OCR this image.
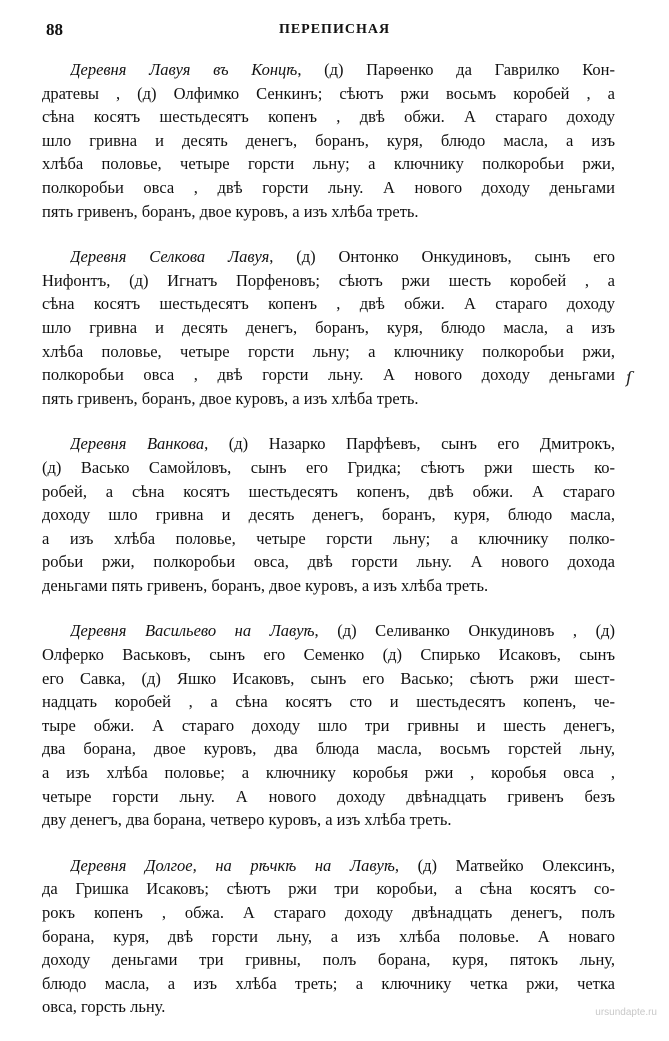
88	ПЕРЕПИСНАЯ
Деревня Лавуя въ Концѣ, (д) Парѳенко да Гаврилко Кон-
дратевы , (д) Олфимко Сенкинъ; сѣютъ ржи восьмъ коробей , а
сѣна косятъ шестьдесятъ копенъ , двѣ обжи. А стараго доходу
шло гривна и десять денегъ, боранъ, куря, блюдо масла, а изъ
хлѣба половье, четыре горсти льну; а ключнику полкоробьи ржи,
полкоробьи овса , двѣ горсти льну. А нового доходу деньгами
пять гривенъ, боранъ, двое куровъ, а изъ хлѣба треть.
Деревня Селкова Лавуя, (д) Онтонко Онкудиновъ, сынъ его
Нифонтъ, (д) Игнатъ Порфеновъ; сѣютъ ржи шесть коробей , а
сѣна косятъ шестьдесятъ копенъ , двѣ обжи. А стараго доходу
шло гривна и десять денегъ, боранъ, куря, блюдо масла, а изъ
хлѣба половье, четыре горсти льну; а ключнику полкоробьи ржи,
полкоробьи овса , двѣ горсти льну. А нового доходу деньгами
пять гривенъ, боранъ, двое куровъ, а изъ хлѣба треть.
Деревня Ванкова, (д) Назарко Парфѣевъ, сынъ его Дмитрокъ,
(д) Васько Самойловъ, сынъ его Гридка; сѣютъ ржи шесть ко-
робей, а сѣна косятъ шестьдесятъ копенъ, двѣ обжи. А стараго
доходу шло гривна и десять денегъ, боранъ, куря, блюдо масла,
а изъ хлѣба половье, четыре горсти льну; а ключнику полко-
робьи ржи, полкоробьи овса, двѣ горсти льну. А нового дохода
деньгами пять гривенъ, боранъ, двое куровъ, а изъ хлѣба треть.
Деревня Васильево на Лавуѣ, (д) Селиванко Онкудиновъ , (д)
Олферко Васьковъ, сынъ его Семенко (д) Спирько Исаковъ, сынъ
его Савка, (д) Яшко Исаковъ, сынъ его Васько; сѣютъ ржи шест-
надцать коробей , а сѣна косятъ сто и шестьдесятъ копенъ, че-
тыре обжи. А стараго доходу шло три гривны и шесть денегъ,
два борана, двое куровъ, два блюда масла, восьмъ горстей льну,
а изъ хлѣба половье; а ключнику коробья ржи , коробья овса ,
четыре горсти льну. А нового доходу двѣнадцать гривенъ безъ
двy денегъ, два борана, четверо куровъ, а изъ хлѣба треть.
Деревня Долгое, на рѣчкѣ на Лавуѣ, (д) Матвейко Олексинъ,
да Гришка Исаковъ; сѣютъ ржи три коробьи, а сѣна косятъ со-
рокъ копенъ , обжа. А стараго доходу двѣнадцать денегъ, полъ
борана, куря, двѣ горсти льну, а изъ хлѣба половье. А новаго
доходу деньгами три гривны, полъ борана, куря, пятокъ льну,
блюдо масла, а изъ хлѣба треть; а ключнику четка ржи, четка
овса, горсть льну.
ſ
ursundapte.ru
